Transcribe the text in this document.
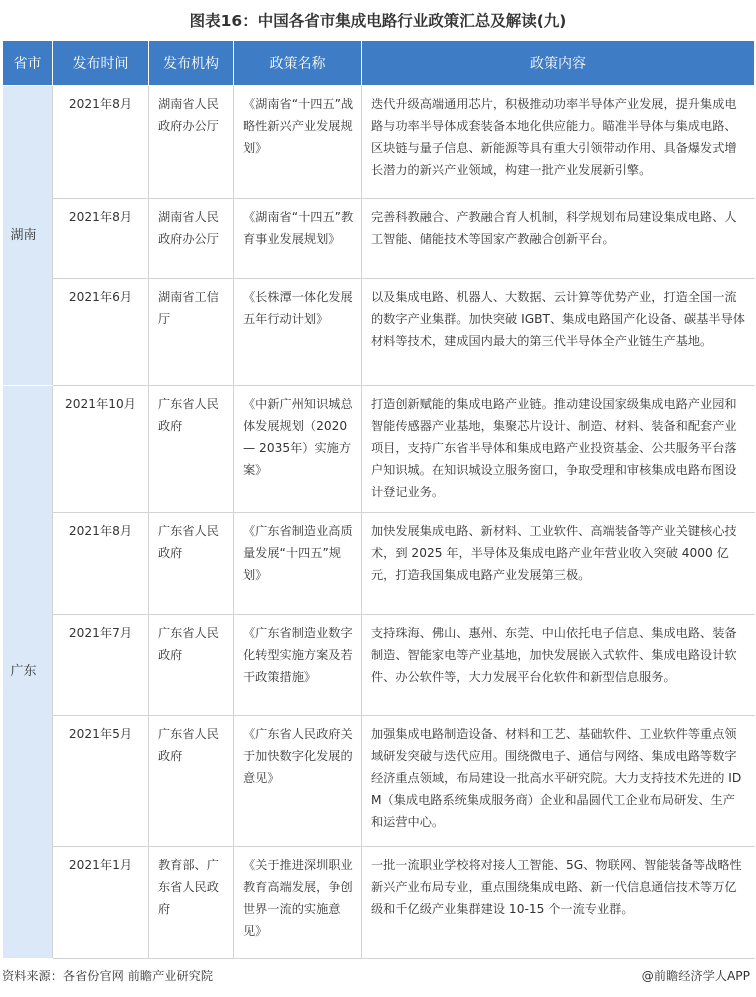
图表16：中国各省市集成电路行业政策汇总及解读(九)
省市	发布时间	发布机构	政策名称	政策内容
湖南	2021年8月	湖南省人民政府办公厅	《湖南省“十四五”战略性新兴产业发展规划》	迭代升级高端通用芯片，积极推动功率半导体产业发展，提升集成电路与功率半导体成套装备本地化供应能力。瞄准半导体与集成电路、区块链与量子信息、新能源等具有重大引领带动作用、具备爆发式增长潜力的新兴产业领域，构建一批产业发展新引擎。
	2021年8月	湖南省人民政府办公厅	《湖南省“十四五”教育事业发展规划》	完善科教融合、产教融合育人机制，科学规划布局建设集成电路、人工智能、储能技术等国家产教融合创新平台。
	2021年6月	湖南省工信厅	《长株潭一体化发展五年行动计划》	以及集成电路、机器人、大数据、云计算等优势产业，打造全国一流的数字产业集群。加快突破 IGBT、集成电路国产化设备、碳基半导体材料等技术，建成国内最大的第三代半导体全产业链生产基地。
广东	2021年10月	广东省人民政府	《中新广州知识城总体发展规划（2020 — 2035年）实施方案》	打造创新赋能的集成电路产业链。推动建设国家级集成电路产业园和智能传感器产业基地，集聚芯片设计、制造、材料、装备和配套产业项目，支持广东省半导体和集成电路产业投资基金、公共服务平台落户知识城。在知识城设立服务窗口，争取受理和审核集成电路布图设计登记业务。
	2021年8月	广东省人民政府	《广东省制造业高质量发展“十四五”规划》	加快发展集成电路、新材料、工业软件、高端装备等产业关键核心技术，到 2025 年，半导体及集成电路产业年营业收入突破 4000 亿元，打造我国集成电路产业发展第三极。
	2021年7月	广东省人民政府	《广东省制造业数字化转型实施方案及若干政策措施》	支持珠海、佛山、惠州、东莞、中山依托电子信息、集成电路、装备制造、智能家电等产业基地，加快发展嵌入式软件、集成电路设计软件、办公软件等，大力发展平台化软件和新型信息服务。
	2021年5月	广东省人民政府	《广东省人民政府关于加快数字化发展的意见》	加强集成电路制造设备、材料和工艺、基础软件、工业软件等重点领域研发突破与迭代应用。围绕微电子、通信与网络、集成电路等数字经济重点领域，布局建设一批高水平研究院。大力支持技术先进的 IDM（集成电路系统集成服务商）企业和晶圆代工企业布局研发、生产和运营中心。
	2021年1月	教育部、广东省人民政府	《关于推进深圳职业教育高端发展，争创世界一流的实施意见》	一批一流职业学校将对接人工智能、5G、物联网、智能装备等战略性新兴产业布局专业，重点围绕集成电路、新一代信息通信技术等万亿级和千亿级产业集群建设 10-15 个一流专业群。
资料来源：各省份官网 前瞻产业研究院	@前瞻经济学人APP
